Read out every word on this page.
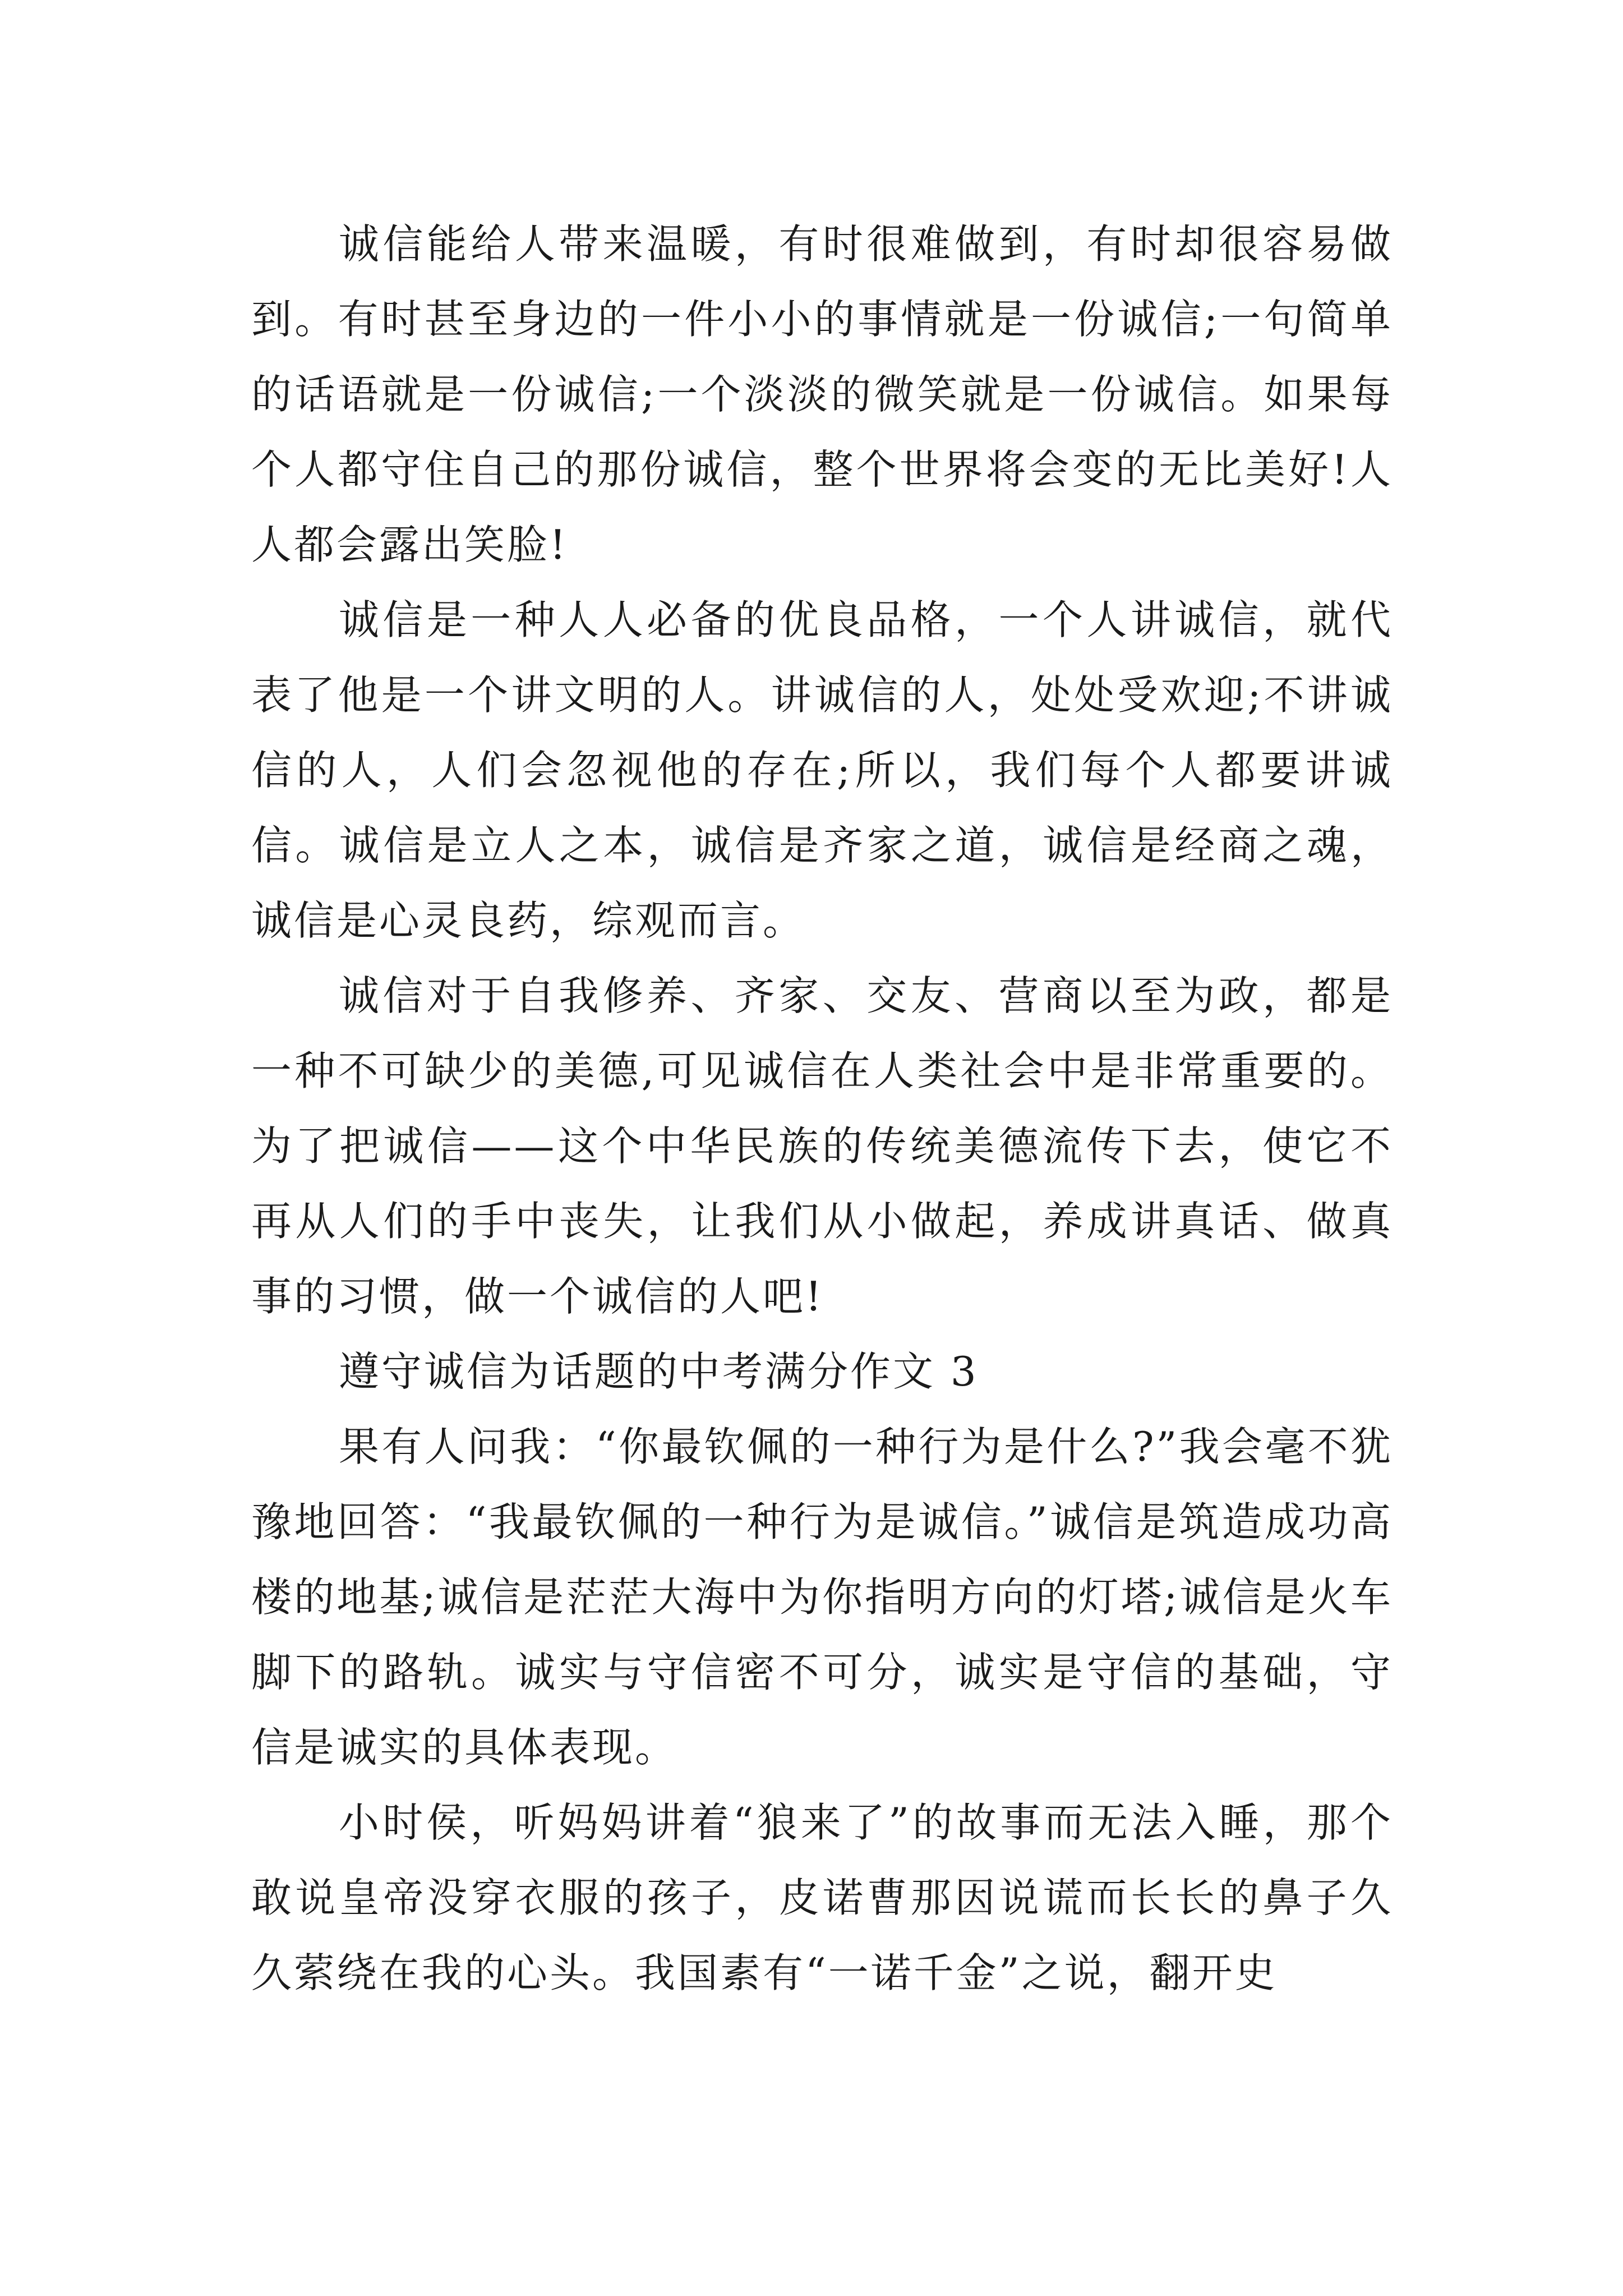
诚信能给人带来温暖，有时很难做到，有时却很容易做到。有时甚至身边的一件小小的事情就是一份诚信;一句简单的话语就是一份诚信;一个淡淡的微笑就是一份诚信。如果每个人都守住自己的那份诚信，整个世界将会变的无比美好!人人都会露出笑脸!

诚信是一种人人必备的优良品格，一个人讲诚信，就代表了他是一个讲文明的人。讲诚信的人，处处受欢迎;不讲诚信的人，人们会忽视他的存在;所以，我们每个人都要讲诚信。诚信是立人之本，诚信是齐家之道，诚信是经商之魂，诚信是心灵良药，综观而言。

诚信对于自我修养、齐家、交友、营商以至为政，都是一种不可缺少的美德,可见诚信在人类社会中是非常重要的。为了把诚信——这个中华民族的传统美德流传下去，使它不再从人们的手中丧失，让我们从小做起，养成讲真话、做真事的习惯，做一个诚信的人吧!

遵守诚信为话题的中考满分作文 3

果有人问我：“你最钦佩的一种行为是什么?”我会毫不犹豫地回答：“我最钦佩的一种行为是诚信。”诚信是筑造成功高楼的地基;诚信是茫茫大海中为你指明方向的灯塔;诚信是火车脚下的路轨。诚实与守信密不可分，诚实是守信的基础，守信是诚实的具体表现。

小时侯，听妈妈讲着“狼来了”的故事而无法入睡，那个敢说皇帝没穿衣服的孩子，皮诺曹那因说谎而长长的鼻子久久萦绕在我的心头。我国素有“一诺千金”之说，翻开史
